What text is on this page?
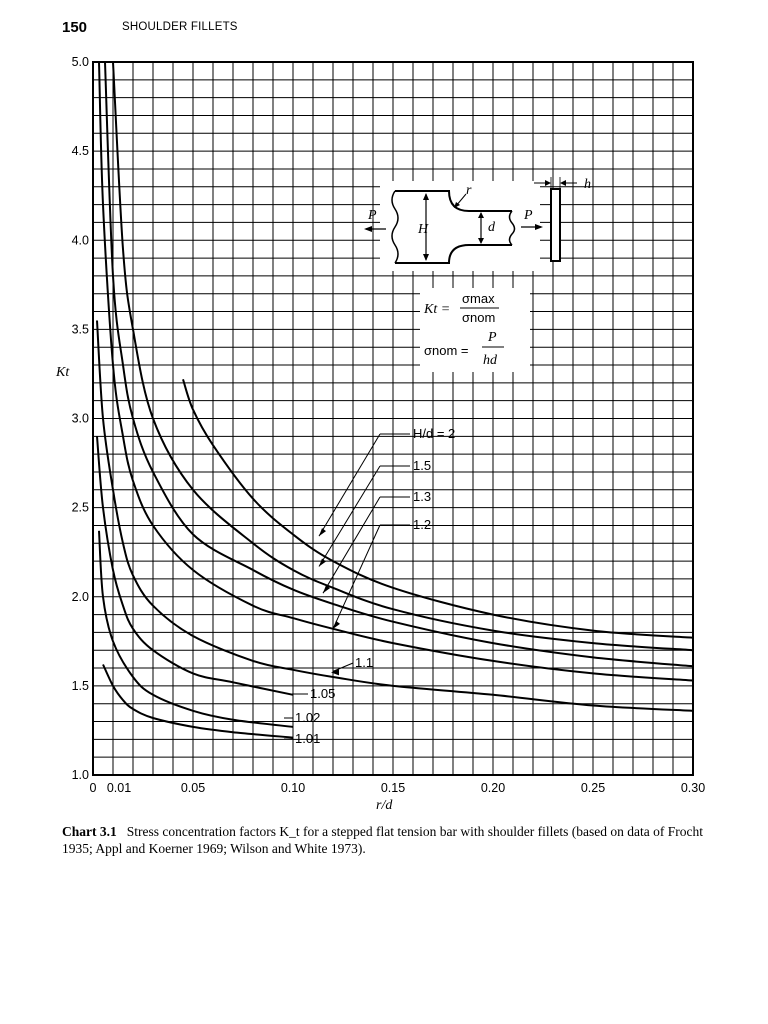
150	SHOULDER FILLETS
1.0
1.5
2.0
2.5
3.0
3.5
4.0
4.5
5.0
0 0.01	0.05	0.10	0.15	0.20	0.25	0.30
H/d = 2
1.5
1.3
1.2
1.1
1.05
1.02
1.01
Kt
r/d
P	P
H	d
r	h
Kt =
σmax
σnom
σnom =
P
hd
Chart 3.1 Stress concentration factors K_t for a stepped flat tension bar with shoulder fillets (based on data of Frocht 1935; Appl and Koerner 1969; Wilson and White 1973).
